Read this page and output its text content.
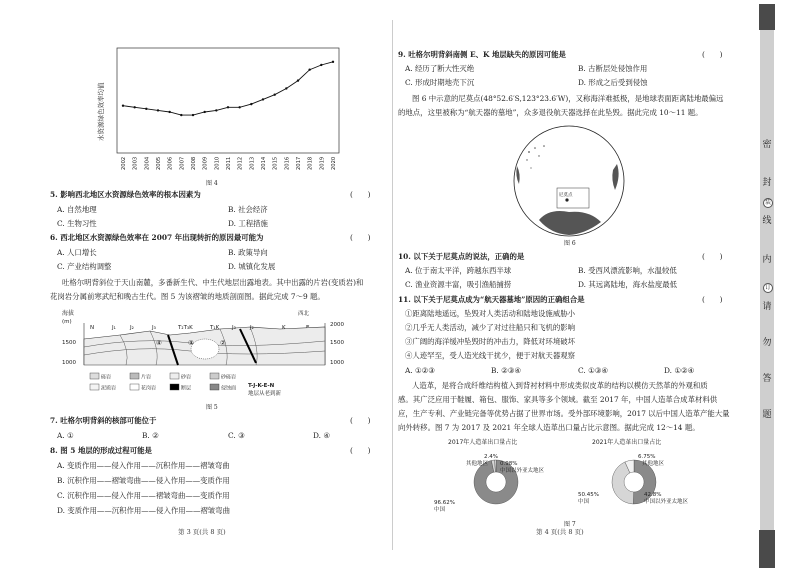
2002 2003 2004 2005 2006 2007 2008 2009 2010 2011 2012 2013 2014 2015 2016 2017 2018 2019 2020
水资源绿色效率均值
图 4
5. 影响西北地区水资源绿色效率的根本因素为	(　　)
A. 自然地理	B. 社会经济
C. 生物习性	D. 工程措施
6. 西北地区水资源绿色效率在 2007 年出现转折的原因最可能为	(　　)
A. 人口增长	B. 政策导向
C. 产业结构调整	D. 城镇化发展
吐格尔明背斜位于天山南麓，多番新生代、中生代地层出露地表。其中出露的片岩(变质岩)和
花岗岩分属前寒武纪和晚古生代。图 5 为该褶皱的地质剖面图。据此完成 7～9 题。
海拔
(m)
1500
1000
2000
1500
1000
西北
N	J₁	J₂	J₃	T₂T₃K	T₁K J₃	J₂	K
④	③	②
砾岩	片岩	砂岩	砂砾岩
泥质岩	花岗岩	断层	侵蚀面 T-J-K-E-N
地层从老到新
图 5
7. 吐格尔明背斜的核部可能位于	(　　)
A. ①	B. ②	C. ③	D. ④
8. 图 5 地层的形成过程可能是	(　　)
A. 变质作用——侵入作用——沉积作用——褶皱弯曲
B. 沉积作用——褶皱弯曲——侵入作用——变质作用
C. 沉积作用——侵入作用——褶皱弯曲——变质作用
D. 变质作用——沉积作用——侵入作用——褶皱弯曲
第 3 页(共 8 页)
9. 吐格尔明背斜南侧 E、K 地层缺失的原因可能是	(　　)
A. 经历了断大性灭绝	B. 古断层处侵蚀作用
C. 形成时期地壳下沉	D. 形成之后受到侵蚀
图 6 中示意的尼莫点(48°52.6′S,123°23.6′W)，又称海洋难抵极，是地球表面距离陆地最偏远
的地点，这里被称为“航天器的墓地”，众多退役航天器选择在此坠毁。据此完成 10～11 题。
尼莫点
图 6
10. 以下关于尼莫点的说法，正确的是	(　　)
A. 位于南太平洋，跨越东西半球	B. 受西风漂流影响，水温较低
C. 渔业资源丰富，吸引渔船捕捞	D. 其远离陆地，海水盐度最低
11. 以下关于尼莫点成为“航天器墓地”原因的正确组合是	(　　)
①距离陆地遥远，坠毁对人类活动和陆地设施威胁小
②几乎无人类活动，减少了对过往船只和飞机的影响
③广阔的海洋缓冲坠毁时的冲击力，降低对环境破坏
④人迹罕至，受人造光线干扰少，便于对航天器观察
A. ①②③	B. ②③④	C. ①③④	D. ①②④
人造革，是将合成纤维结构植入到背衬材料中形成类似皮革的结构以模仿天然革的外观和质
感。其广泛应用于鞋履、箱包、服饰、家具等多个领域。截至 2017 年，中国人造革合成革材料供
应，生产专利、产业链完备等优势占据了世界市场。受外部环境影响，2017 以后中国人造革产能大量
向外转移。图 7 为 2017 及 2021 年全球人造革出口量占比示意图。据此完成 12～14 题。
2017年人造革出口量占比	2021年人造革出口量占比
96.62%
中国
2.4%
其他地区 0.98%
中国以外亚太地区
50.45%
中国
42.8%
中国以外亚太地区
6.75%
其他地区
图 7
第 4 页(共 8 页)
密
封
装
线
内
订
请
勿
答
题
